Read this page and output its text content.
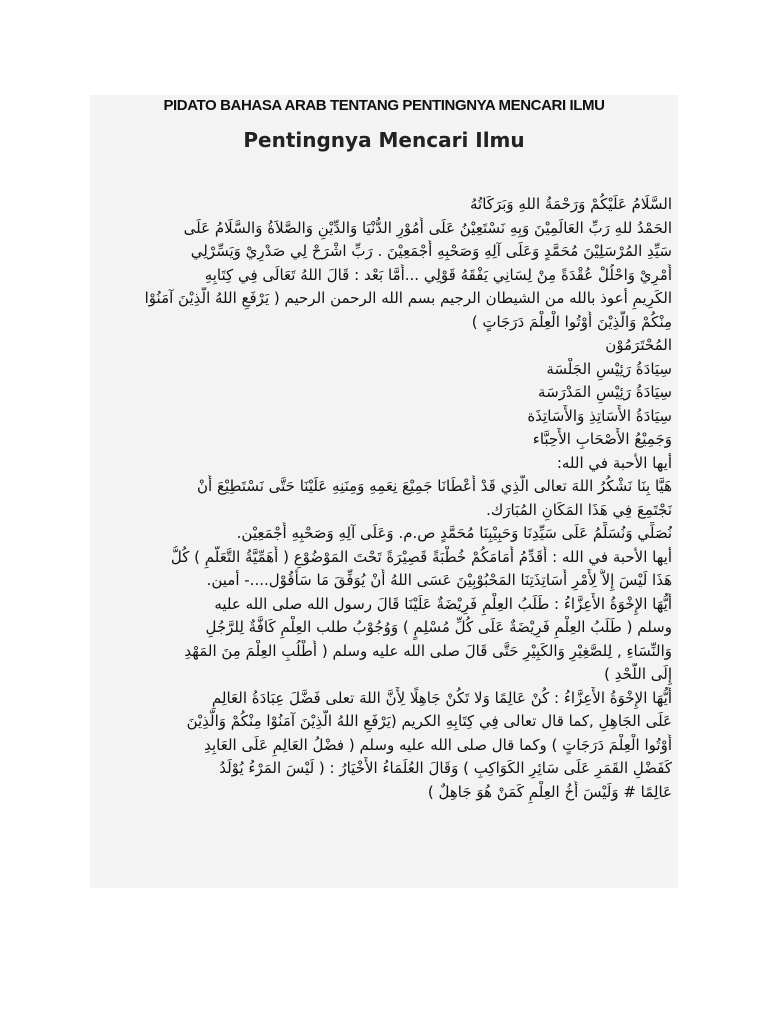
PIDATO BAHASA ARAB TENTANG PENTINGNYA MENCARI ILMU
Pentingnya Mencari Ilmu
السَّلَامُ عَلَيْكُمْ وَرَحْمَةُ اللهِ وَبَرَكَاتُهُ
الحَمْدُ للهِ رَبِّ العَالَمِيْنَ وَبِهِ نَسْتَعِيْنُ عَلَى أُمُوْرِ الدُّنْيَا وَالدِّيْنِ وَالصَّلاَةُ وَالسَّلَامُ عَلَى
سَيِّدِ المُرْسَلِيْنَ مُحَمَّدٍ وَعَلَى آلِهِ وَصَحْبِهِ أَجْمَعِيْنَ . رَبِّ اشْرَحْ لِي صَدْرِيْ وَيَسِّرْلِي
أَمْرِيْ وَاحْلُلْ عُقْدَةً مِنْ لِسَانِي يَفْقَهُ قَوْلِي ...أَمَّا بَعْد : قَالَ اللهُ تَعَالَى فِي كِتَابِهِ
الكَرِيمِ أعوذ بالله من الشيطان الرجيم بسم الله الرحمن الرحيم ( يَرْفَعِ اللهُ الَّذِيْنَ آمَنُوْا
مِنْكُمْ وَالَّذِيْنَ أُوْتُوا الْعِلْمَ دَرَجَاتٍ )
المُحْتَرَمُوْن
سِيَادَةُ رَئِيْسِ الجَلْسَة
سِيَادَةُ رَئِيْسِ المَدْرَسَة
سِيَادَةُ الأَسَاتِذِ وَالأَسَاتِذَة
وَجَمِيْعُ الأَصْحَابِ الأَحِبَّاء
أيها الأحبة في الله:
هَيَّا بِنَا نَشْكُرُ اللهَ تعالى الَّذِي قَدْ أَعْطَانَا جَمِيْعَ نِعَمِهِ وَمِنَنِهِ عَلَيْنَا حَتَّى نَسْتَطِيْعَ أَنْ
نَجْتَمِعَ فِي هَذَا المَكَانِ المُبَارَك.
نُصَلِّي وَنُسَلِّمُ عَلَى سَيِّدِنَا وَحَبِيْبِنَا مُحَمَّدٍ ص.م. وَعَلَى آلِهِ وَصَحْبِهِ أَجْمَعِيْن.
أيها الأحبة في الله : أُقَدِّمُ أَمَامَكُمْ خُطْبَةً قَصِيْرَةً تَحْتَ المَوْضُوْعِ ( أَهَمِّيَّةُ التَّعَلُّمِ ) كُلُّ
هَذَا لَيْسَ إِلاَّ لِأَمْرِ أَسَاتِذَتِنَا المَحْبُوْبِيْنَ عَسَى اللهُ أَنْ يُوَفِّقَ مَا سَأَقُوْل....- أمين.
أَيُّهَا الإِخْوَةُ الأَعِزَّاءُ : طَلَبُ العِلْمِ فَرِيْضَةٌ عَلَيْنَا قَالَ رسول الله صلى الله عليه
وسلم ( طَلَبُ العِلْمِ فَرِيْضَةٌ عَلَى كُلِّ مُسْلِمٍ ) وَوُجُوْبُ طلب العِلْمِ كَافَّةٌ لِلرَّجُلِ
وَالنِّسَاءِ , لِلصَّغِيْرِ وَالكَبِيْرِ حَتَّى قَالَ صلى الله عليه وسلم ( أُطْلُبِ العِلْمَ مِنَ المَهْدِ
إِلَى اللَّحْدِ )
أَيُّهَا الإِخْوَةُ الأَعِزَّاءُ : كُنْ عَالِمًا وَلا تَكُنْ جَاهِلًا لِأَنَّ اللهَ تعلى فَضَّلَ عِبَادَةُ العَالِمِ
عَلَى الجَاهِلِ ,كما قال تعالى فِي كِتَابِهِ الكريم (يَرْفَعِ اللهُ الَّذِيْنَ آمَنُوْا مِنْكُمْ وَالَّذِيْنَ
أُوْتُوا الْعِلْمَ دَرَجَاتٍ ) وكما قال صلى الله عليه وسلم ( فضْلُ العَالِمِ عَلَى العَابِدِ
كَفَضْلِ القَمَرِ عَلَى سَائِرِ الكَوَاكِبِ ) وَقَالَ العُلَمَاءُ الأَخْيَارُ : ( لَيْسَ المَرْءُ يُوْلَدُ
عَالِمًا # وَلَيْسَ أَخُ العِلْمِ كَمَنْ هُوَ جَاهِلٌ )
